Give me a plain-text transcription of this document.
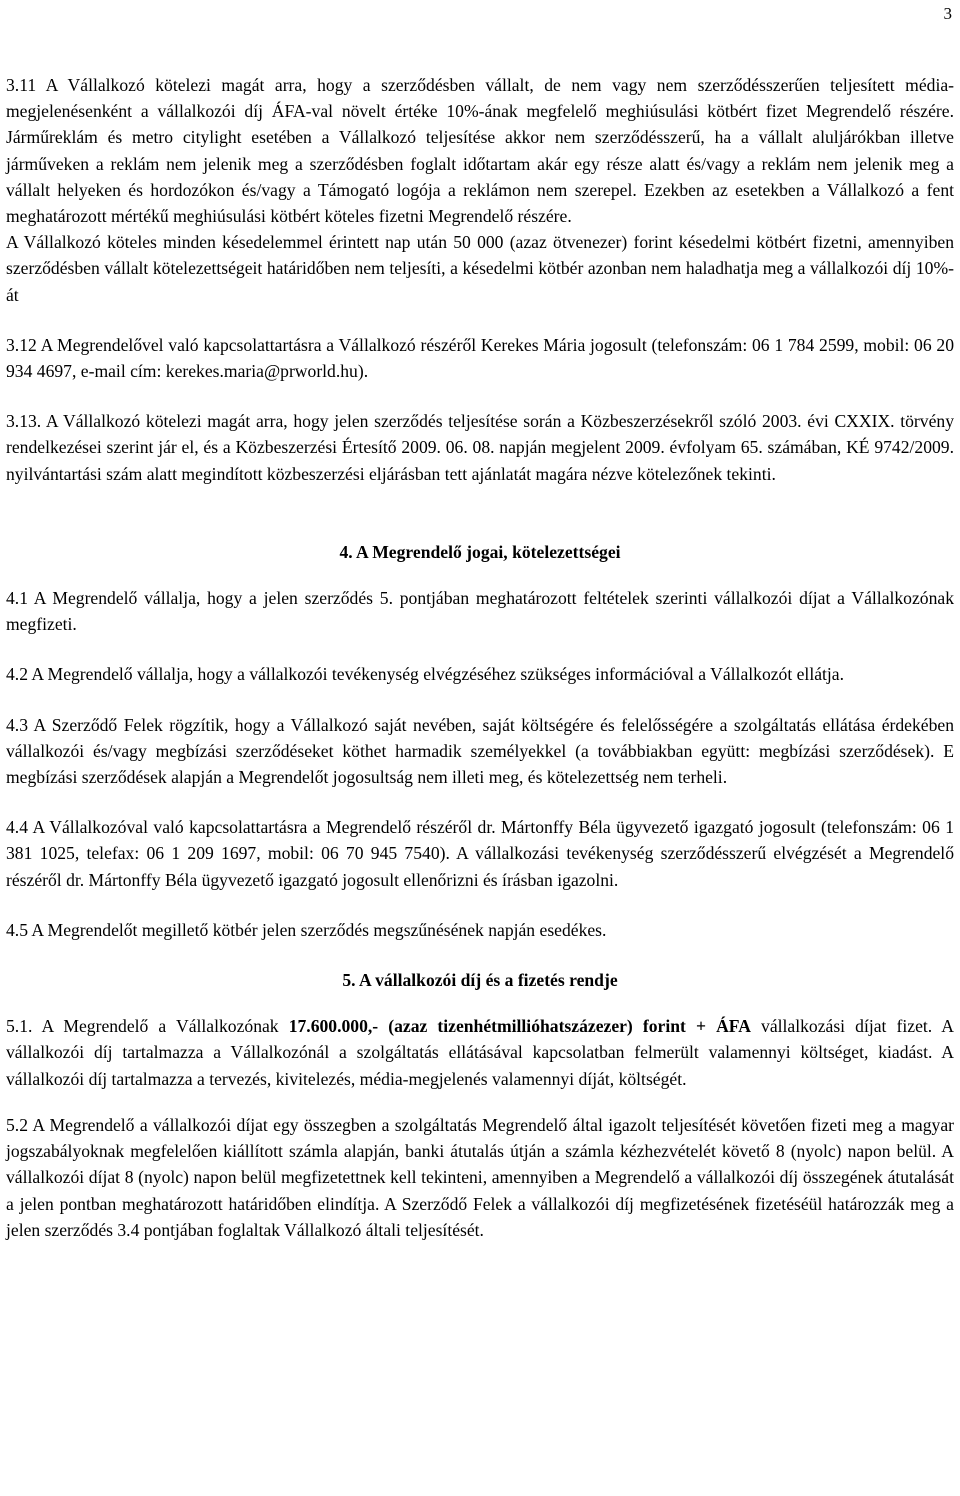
3

3.11 A Vállalkozó kötelezi magát arra, hogy a szerződésben vállalt, de nem vagy nem szerződésszerűen teljesített média-megjelenésenként a vállalkozói díj ÁFA-val növelt értéke 10%-ának megfelelő meghiúsulási kötbért fizet Megrendelő részére. Járműreklám és metro citylight esetében a Vállalkozó teljesítése akkor nem szerződésszerű, ha a vállalt aluljárókban illetve járműveken a reklám nem jelenik meg a szerződésben foglalt időtartam akár egy része alatt és/vagy a reklám nem jelenik meg a vállalt helyeken és hordozókon és/vagy a Támogató logója a reklámon nem szerepel. Ezekben az esetekben a Vállalkozó a fent meghatározott mértékű meghiúsulási kötbért köteles fizetni Megrendelő részére.

A Vállalkozó köteles minden késedelemmel érintett nap után 50 000 (azaz ötvenezer) forint késedelmi kötbért fizetni, amennyiben szerződésben vállalt kötelezettségeit határidőben nem teljesíti, a késedelmi kötbér azonban nem haladhatja meg a vállalkozói díj 10%-át

3.12 A Megrendelővel való kapcsolattartásra a Vállalkozó részéről Kerekes Mária jogosult (telefonszám: 06 1 784 2599, mobil: 06 20 934 4697, e-mail cím: kerekes.maria@prworld.hu).

3.13. A Vállalkozó kötelezi magát arra, hogy jelen szerződés teljesítése során a Közbeszerzésekről szóló 2003. évi CXXIX. törvény rendelkezései szerint jár el, és a Közbeszerzési Értesítő 2009. 06. 08. napján megjelent 2009. évfolyam 65. számában, KÉ 9742/2009. nyilvántartási szám alatt megindított közbeszerzési eljárásban tett ajánlatát magára nézve kötelezőnek tekinti.

4. A Megrendelő jogai, kötelezettségei

4.1 A Megrendelő vállalja, hogy a jelen szerződés 5. pontjában meghatározott feltételek szerinti vállalkozói díjat a Vállalkozónak megfizeti.

4.2 A Megrendelő vállalja, hogy a vállalkozói tevékenység elvégzéséhez szükséges információval a Vállalkozót ellátja.

4.3 A Szerződő Felek rögzítik, hogy a Vállalkozó saját nevében, saját költségére és felelősségére a szolgáltatás ellátása érdekében vállalkozói és/vagy megbízási szerződéseket köthet harmadik személyekkel (a továbbiakban együtt: megbízási szerződések). E megbízási szerződések alapján a Megrendelőt jogosultság nem illeti meg, és kötelezettség nem terheli.

4.4 A Vállalkozóval való kapcsolattartásra a Megrendelő részéről dr. Mártonffy Béla ügyvezető igazgató jogosult (telefonszám: 06 1 381 1025, telefax: 06 1 209 1697, mobil: 06 70 945 7540). A vállalkozási tevékenység szerződésszerű elvégzését a Megrendelő részéről dr. Mártonffy Béla ügyvezető igazgató jogosult ellenőrizni és írásban igazolni.

4.5 A Megrendelőt megillető kötbér jelen szerződés megszűnésének napján esedékes.

5. A vállalkozói díj és a fizetés rendje

5.1. A Megrendelő a Vállalkozónak 17.600.000,- (azaz tizenhétmillióhatszázezer) forint + ÁFA vállalkozási díjat fizet. A vállalkozói díj tartalmazza a Vállalkozónál a szolgáltatás ellátásával kapcsolatban felmerült valamennyi költséget, kiadást. A vállalkozói díj tartalmazza a tervezés, kivitelezés, média-megjelenés valamennyi díját, költségét.

5.2 A Megrendelő a vállalkozói díjat egy összegben a szolgáltatás Megrendelő által igazolt teljesítését követően fizeti meg a magyar jogszabályoknak megfelelően kiállított számla alapján, banki átutalás útján a számla kézhezvételét követő 8 (nyolc) napon belül. A vállalkozói díjat 8 (nyolc) napon belül megfizetettnek kell tekinteni, amennyiben a Megrendelő a vállalkozói díj összegének átutalását a jelen pontban meghatározott határidőben elindítja. A Szerződő Felek a vállalkozói díj megfizetésének fizetéséül határozzák meg a jelen szerződés 3.4 pontjában foglaltak Vállalkozó általi teljesítését.
